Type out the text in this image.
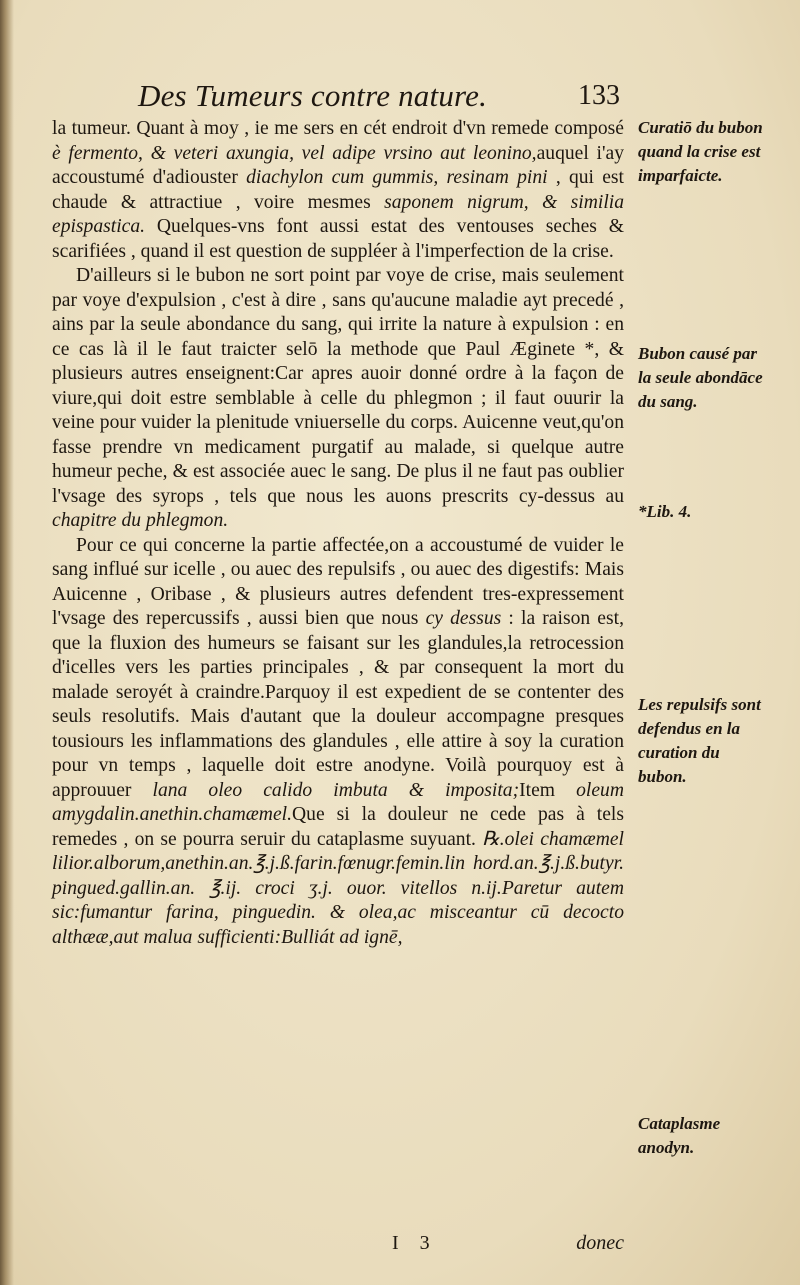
Des Tumeurs contre nature.	133

la tumeur. Quant à moy , ie me sers en cét endroit d'vn remede composé è fermento, & veteri axungia, vel adipe vrsino aut leonino,auquel i'ay accoustumé d'adiouster diachylon cum gummis, resinam pini , qui est chaude & attractiue , voire mesmes saponem nigrum, & similia epispastica. Quelques-vns font aussi estat des ventouses seches & scarifiées , quand il est question de suppléer à l'imperfection de la crise.

D'ailleurs si le bubon ne sort point par voye de crise, mais seulement par voye d'expulsion , c'est à dire , sans qu'aucune maladie ayt precedé , ains par la seule abondance du sang, qui irrite la nature à expulsion : en ce cas là il le faut traicter selō la methode que Paul Æginete *, & plusieurs autres enseignent:Car apres auoir donné ordre à la façon de viure,qui doit estre semblable à celle du phlegmon ; il faut ouurir la veine pour vuider la plenitude vniuerselle du corps. Auicenne veut,qu'on fasse prendre vn medicament purgatif au malade, si quelque autre humeur peche, & est associée auec le sang. De plus il ne faut pas oublier l'vsage des syrops , tels que nous les auons prescrits cy-dessus au chapitre du phlegmon.

Pour ce qui concerne la partie affectée,on a accoustumé de vuider le sang influé sur icelle , ou auec des repulsifs , ou auec des digestifs: Mais Auicenne , Oribase , & plusieurs autres defendent tres-expressement l'vsage des repercussifs , aussi bien que nous cy dessus : la raison est, que la fluxion des humeurs se faisant sur les glandules,la retrocession d'icelles vers les parties principales , & par consequent la mort du malade seroyét à craindre.Parquoy il est expedient de se contenter des seuls resolutifs. Mais d'autant que la douleur accompagne presques tousiours les inflammations des glandules , elle attire à soy la curation pour vn temps , laquelle doit estre anodyne. Voilà pourquoy est à approuuer lana oleo calido imbuta & imposita;Item oleum amygdalin.anethin.chamæmel.Que si la douleur ne cede pas à tels remedes , on se pourra seruir du cataplasme suyuant. ℞.olei chamæmel lilior.alborum,anethin.an.℥.j.ß.farin.fœnugr.femin.lin hord.an.℥.j.ß.butyr. pingued.gallin.an. ℥.ij. croci ʒ.j. ouor. vitellos n.ij.Paretur autem sic:fumantur farina, pinguedin. & olea,ac misceantur cū decocto althææ,aut malua sufficienti:Bulliát ad ignē,

Curatiō du bubon quand la crise est imparfaicte.
Bubon causé par la seule abondāce du sang.
*Lib. 4.
Les repulsifs sont defendus en la curation du bubon.
Cataplasme anodyn.
I 3	donec
